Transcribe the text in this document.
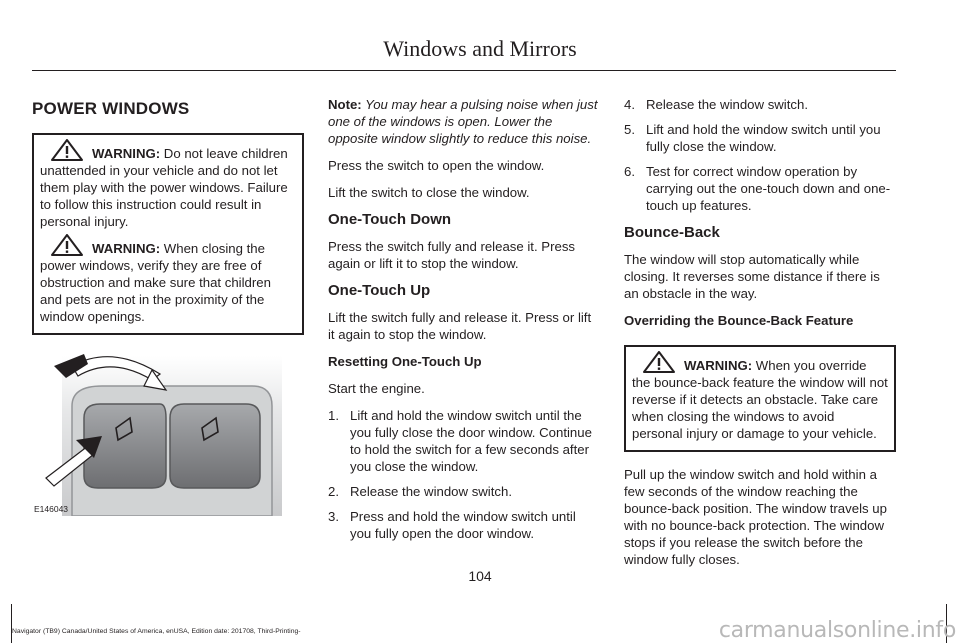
Windows and Mirrors
POWER WINDOWS

WARNING: Do not leave children unattended in your vehicle and do not let them play with the power windows. Failure to follow this instruction could result in personal injury.

WARNING: When closing the power windows, verify they are free of obstruction and make sure that children and pets are not in the proximity of the window openings.

E146043

Note: You may hear a pulsing noise when just one of the windows is open. Lower the opposite window slightly to reduce this noise.

Press the switch to open the window.

Lift the switch to close the window.

One-Touch Down

Press the switch fully and release it. Press again or lift it to stop the window.

One-Touch Up

Lift the switch fully and release it. Press or lift it again to stop the window.

Resetting One-Touch Up

Start the engine.

1. Lift and hold the window switch until the you fully close the door window. Continue to hold the switch for a few seconds after you close the window.
2. Release the window switch.
3. Press and hold the window switch until you fully open the door window.
4. Release the window switch.
5. Lift and hold the window switch until you fully close the window.
6. Test for correct window operation by carrying out the one-touch down and one-touch up features.
Bounce-Back

The window will stop automatically while closing. It reverses some distance if there is an obstacle in the way.

Overriding the Bounce-Back Feature

WARNING: When you override the bounce-back feature the window will not reverse if it detects an obstacle. Take care when closing the windows to avoid personal injury or damage to your vehicle.

Pull up the window switch and hold within a few seconds of the window reaching the bounce-back position. The window travels up with no bounce-back protection. The window stops if you release the switch before the window fully closes.

104
Navigator (TB9) Canada/United States of America, enUSA, Edition date: 201708, Third-Printing-	carmanualsonline.info
